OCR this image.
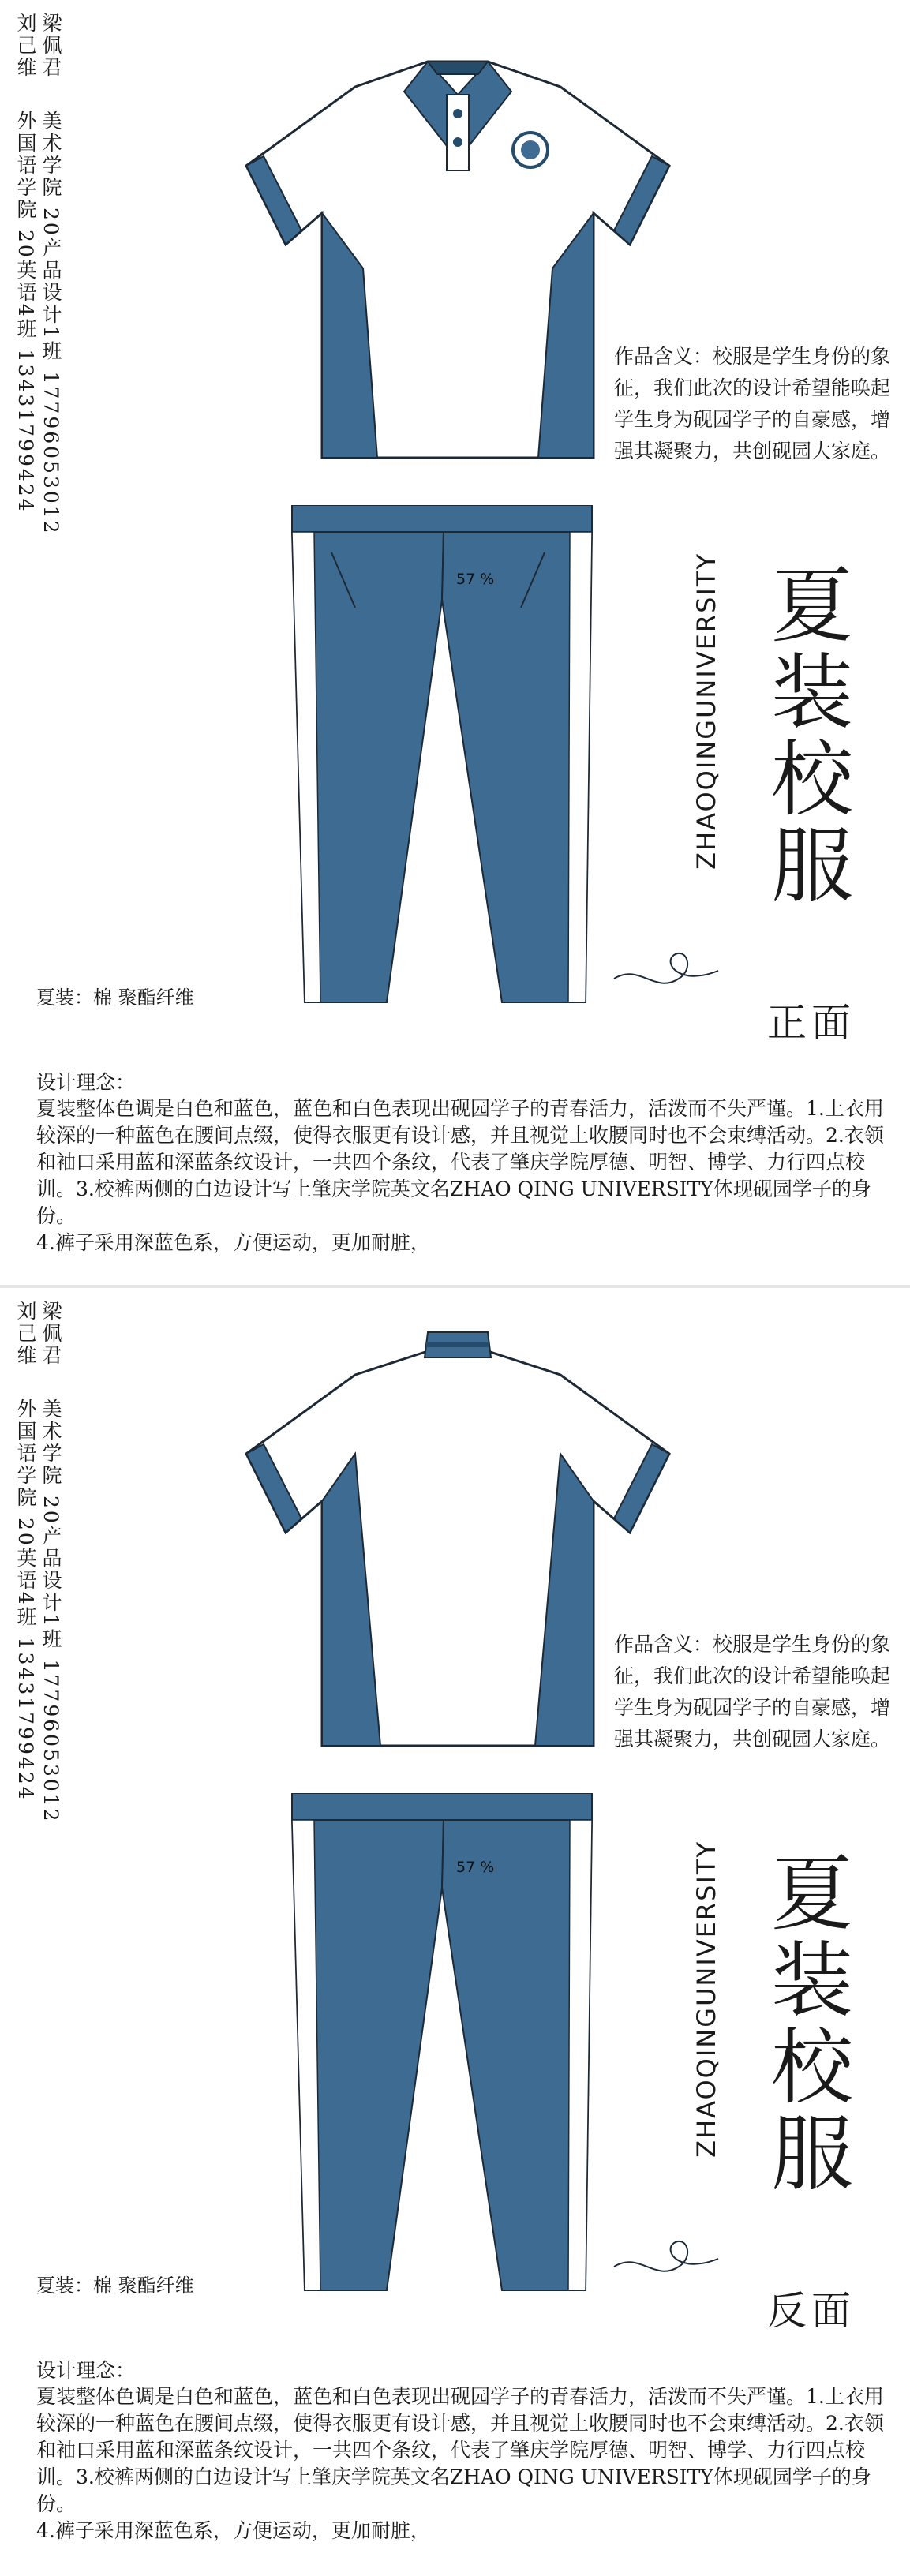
刘己维  外国语学院 20英语4班 13431799424	作品含义：校服是学生身份的象征，我们此次的设计希望能唤起学生身为砚园学子的自豪感，增强其凝聚力，共创砚园大家庭。
57 %	ZHAOQINGUNIVERSITY 夏装校服
正面
夏装：棉 聚酯纤维
设计理念：
夏装整体色调是白色和蓝色，蓝色和白色表现出砚园学子的青春活力，活泼而不失严谨。1.上衣用较深的一种蓝色在腰间点缀，使得衣服更有设计感，并且视觉上收腰同时也不会束缚活动。2.衣领和袖口采用蓝和深蓝条纹设计，一共四个条纹，代表了肇庆学院厚德、明智、博学、力行四点校训。3.校裤两侧的白边设计写上肇庆学院英文名ZHAO QING UNIVERSITY体现砚园学子的身份。
4.裤子采用深蓝色系，方便运动，更加耐脏，
刘己维  外国语学院 20英语4班 13431799424	作品含义：校服是学生身份的象征，我们此次的设计希望能唤起学生身为砚园学子的自豪感，增强其凝聚力，共创砚园大家庭。
57 %	ZHAOQINGUNIVERSITY 夏装校服
反面
夏装：棉 聚酯纤维
设计理念：
夏装整体色调是白色和蓝色，蓝色和白色表现出砚园学子的青春活力，活泼而不失严谨。1.上衣用较深的一种蓝色在腰间点缀，使得衣服更有设计感，并且视觉上收腰同时也不会束缚活动。2.衣领和袖口采用蓝和深蓝条纹设计，一共四个条纹，代表了肇庆学院厚德、明智、博学、力行四点校训。3.校裤两侧的白边设计写上肇庆学院英文名ZHAO QING UNIVERSITY体现砚园学子的身份。
4.裤子采用深蓝色系，方便运动，更加耐脏，
梁佩君  美术学院 20产品设计1班 17796053012
梁佩君  美术学院 20产品设计1班 17796053012
